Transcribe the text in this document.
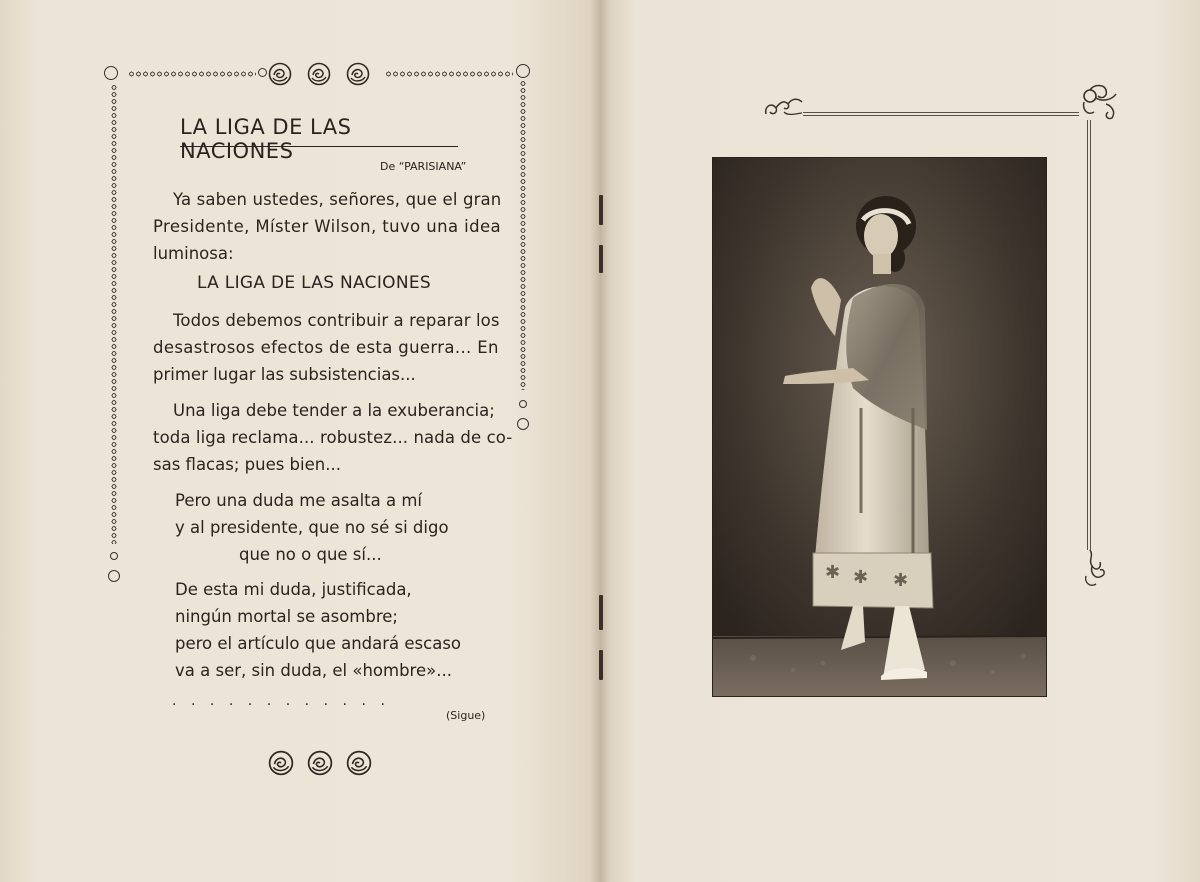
LA LIGA DE LAS NACIONES
De “PARISIANA”
Ya saben ustedes, señores, que el gran
Presidente, Míster Wilson, tuvo una idea
luminosa:
LA LIGA DE LAS NACIONES
Todos debemos contribuir a reparar los
desastrosos efectos de esta guerra... En
primer lugar las subsistencias...
Una liga debe tender a la exuberancia;
toda liga reclama... robustez... nada de co-
sas flacas; pues bien...
Pero una duda me asalta a mí
y al presidente, que no sé si digo
que no o que sí...
De esta mi duda, justificada,
ningún mortal se asombre;
pero el artículo que andará escaso
va a ser, sin duda, el «hombre»...
............
(Sigue)
✱ ✱ ✱
